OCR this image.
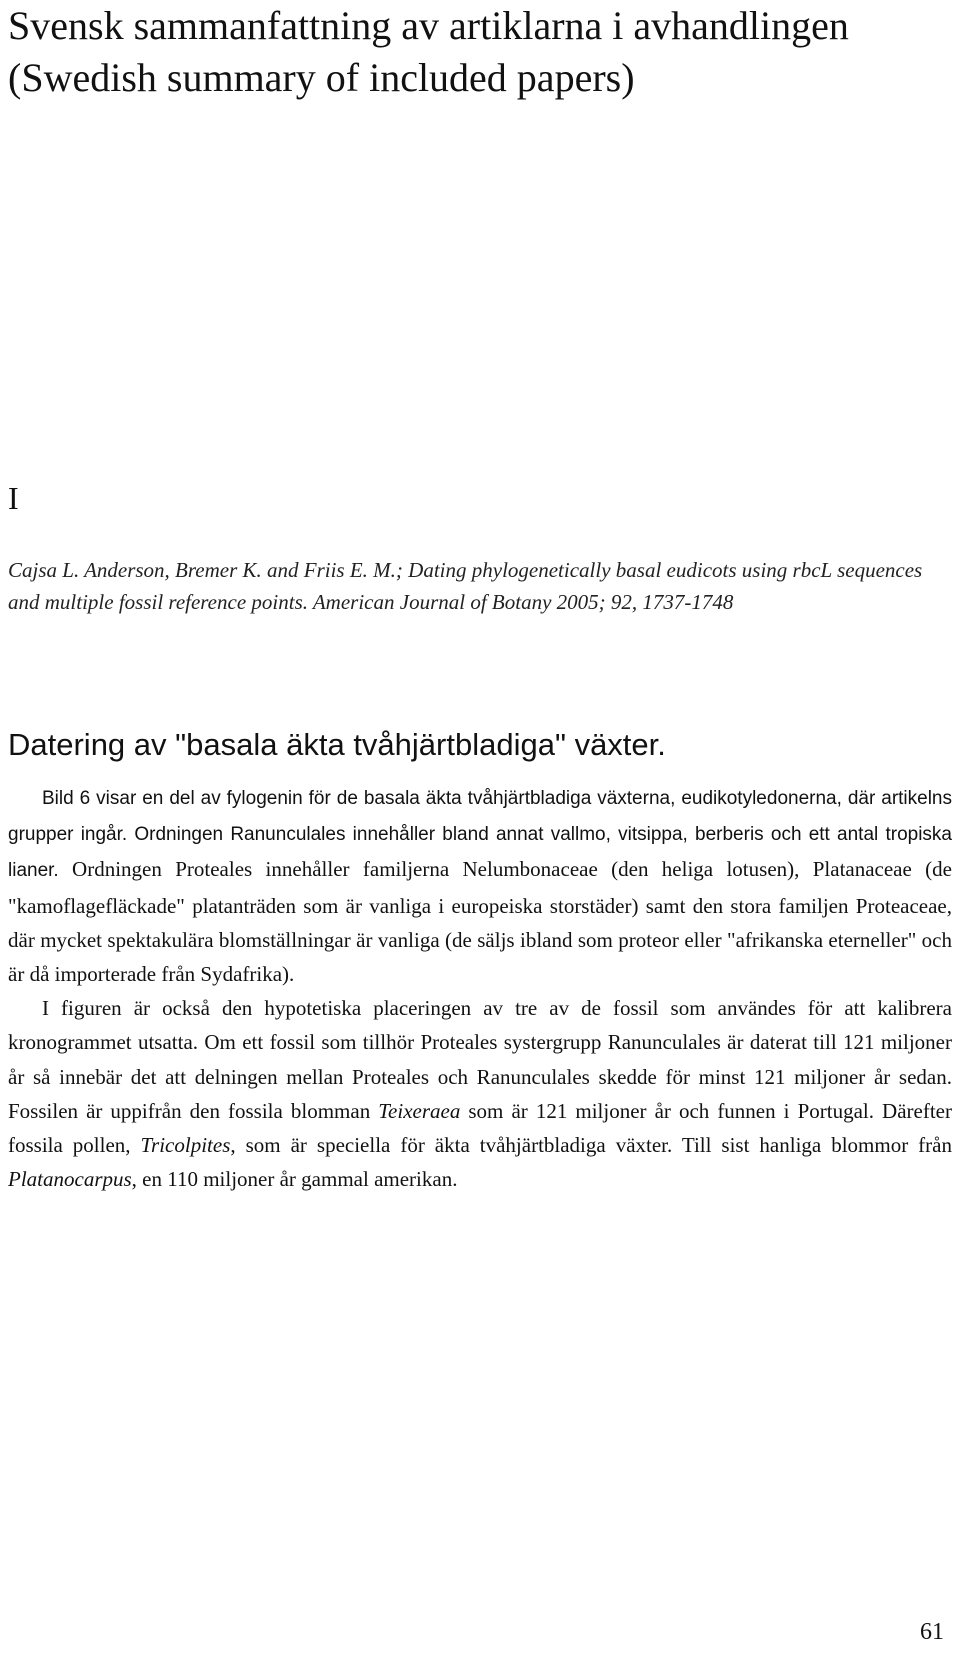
Svensk sammanfattning av artiklarna i avhandlingen (Swedish summary of included papers)
I

Cajsa L. Anderson, Bremer K. and Friis E. M.; Dating phylogenetically basal eudicots using rbcL sequences and multiple fossil reference points. American Journal of Botany 2005; 92, 1737-1748

Datering av "basala äkta tvåhjärtbladiga" växter.

Bild 6 visar en del av fylogenin för de basala äkta tvåhjärtbladiga växterna, eudikotyledonerna, där artikelns grupper ingår. Ordningen Ranunculales innehåller bland annat vallmo, vitsippa, berberis och ett antal tropiska lianer. Ordningen Proteales innehåller familjerna Nelumbonaceae (den heliga lotusen), Platanaceae (de "kamoflagefläckade" platanträden som är vanliga i europeiska storstäder) samt den stora familjen Proteaceae, där mycket spektakulära blomställningar är vanliga (de säljs ibland som proteor eller "afrikanska eterneller" och är då importerade från Sydafrika).

I figuren är också den hypotetiska placeringen av tre av de fossil som användes för att kalibrera kronogrammet utsatta. Om ett fossil som tillhör Proteales systergrupp Ranunculales är daterat till 121 miljoner år så innebär det att delningen mellan Proteales och Ranunculales skedde för minst 121 miljoner år sedan. Fossilen är uppifrån den fossila blomman Teixeraea som är 121 miljoner år och funnen i Portugal. Därefter fossila pollen, Tricolpites, som är speciella för äkta tvåhjärtbladiga växter. Till sist hanliga blommor från Platanocarpus, en 110 miljoner år gammal amerikan.

61
